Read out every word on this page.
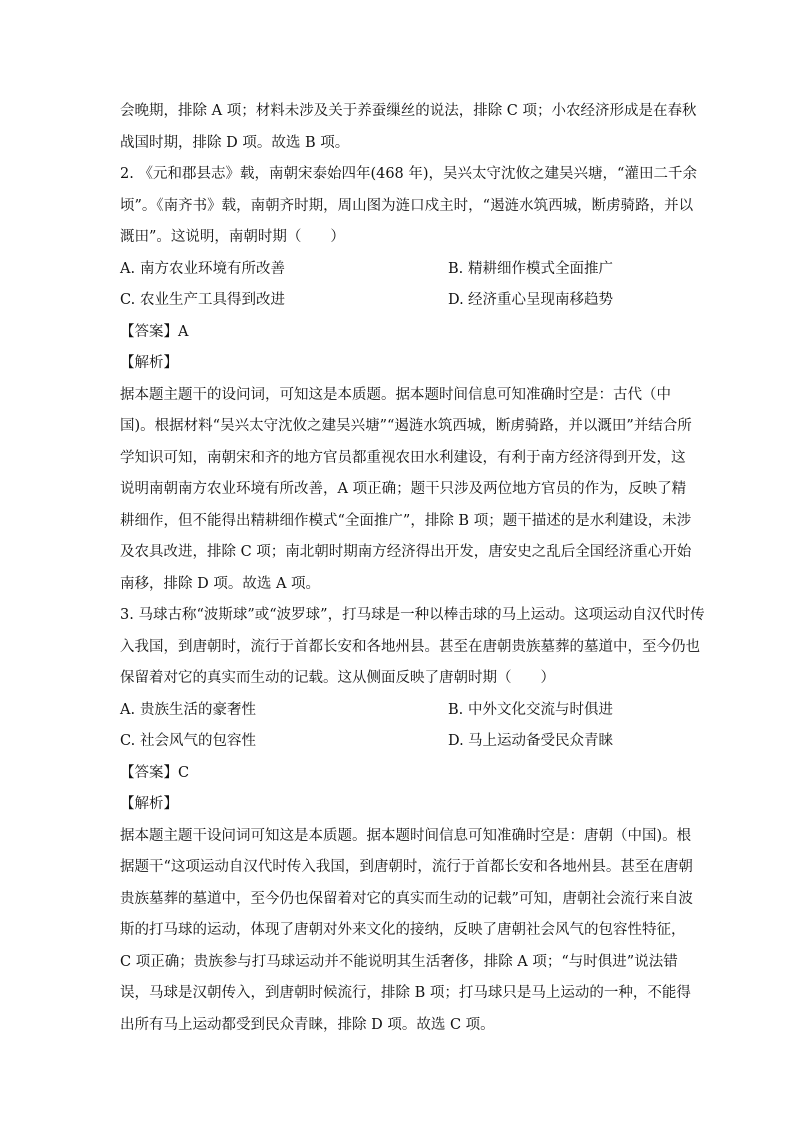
会晚期，排除 A 项；材料未涉及关于养蚕缫丝的说法，排除 C 项；小农经济形成是在春秋
战国时期，排除 D 项。故选 B 项。
2. 《元和郡县志》载，南朝宋泰始四年(468 年)，吴兴太守沈攸之建吴兴塘，“灌田二千余
顷”。《南齐书》载，南朝齐时期，周山图为涟口戍主时，“遏涟水筑西城，断虏骑路，并以
溉田”。这说明，南朝时期（　　）
A. 南方农业环境有所改善	B. 精耕细作模式全面推广
C. 农业生产工具得到改进	D. 经济重心呈现南移趋势
【答案】A
【解析】
据本题主题干的设问词，可知这是本质题。据本题时间信息可知准确时空是：古代（中
国)。根据材料“吴兴太守沈攸之建吴兴塘”“遏涟水筑西城，断虏骑路，并以溉田”并结合所
学知识可知，南朝宋和齐的地方官员都重视农田水利建设，有利于南方经济得到开发，这
说明南朝南方农业环境有所改善，A 项正确；题干只涉及两位地方官员的作为，反映了精
耕细作，但不能得出精耕细作模式“全面推广”，排除 B 项；题干描述的是水利建设，未涉
及农具改进，排除 C 项；南北朝时期南方经济得出开发，唐安史之乱后全国经济重心开始
南移，排除 D 项。故选 A 项。
3. 马球古称“波斯球”或“波罗球”，打马球是一种以棒击球的马上运动。这项运动自汉代时传
入我国，到唐朝时，流行于首都长安和各地州县。甚至在唐朝贵族墓葬的墓道中，至今仍也
保留着对它的真实而生动的记载。这从侧面反映了唐朝时期（　　）
A. 贵族生活的豪奢性	B. 中外文化交流与时俱进
C. 社会风气的包容性	D. 马上运动备受民众青睐
【答案】C
【解析】
据本题主题干设问词可知这是本质题。据本题时间信息可知准确时空是：唐朝（中国)。根
据题干“这项运动自汉代时传入我国，到唐朝时，流行于首都长安和各地州县。甚至在唐朝
贵族墓葬的墓道中，至今仍也保留着对它的真实而生动的记载”可知，唐朝社会流行来自波
斯的打马球的运动，体现了唐朝对外来文化的接纳，反映了唐朝社会风气的包容性特征，
C 项正确；贵族参与打马球运动并不能说明其生活奢侈，排除 A 项；“与时俱进”说法错
误，马球是汉朝传入，到唐朝时候流行，排除 B 项；打马球只是马上运动的一种，不能得
出所有马上运动都受到民众青睐，排除 D 项。故选 C 项。
